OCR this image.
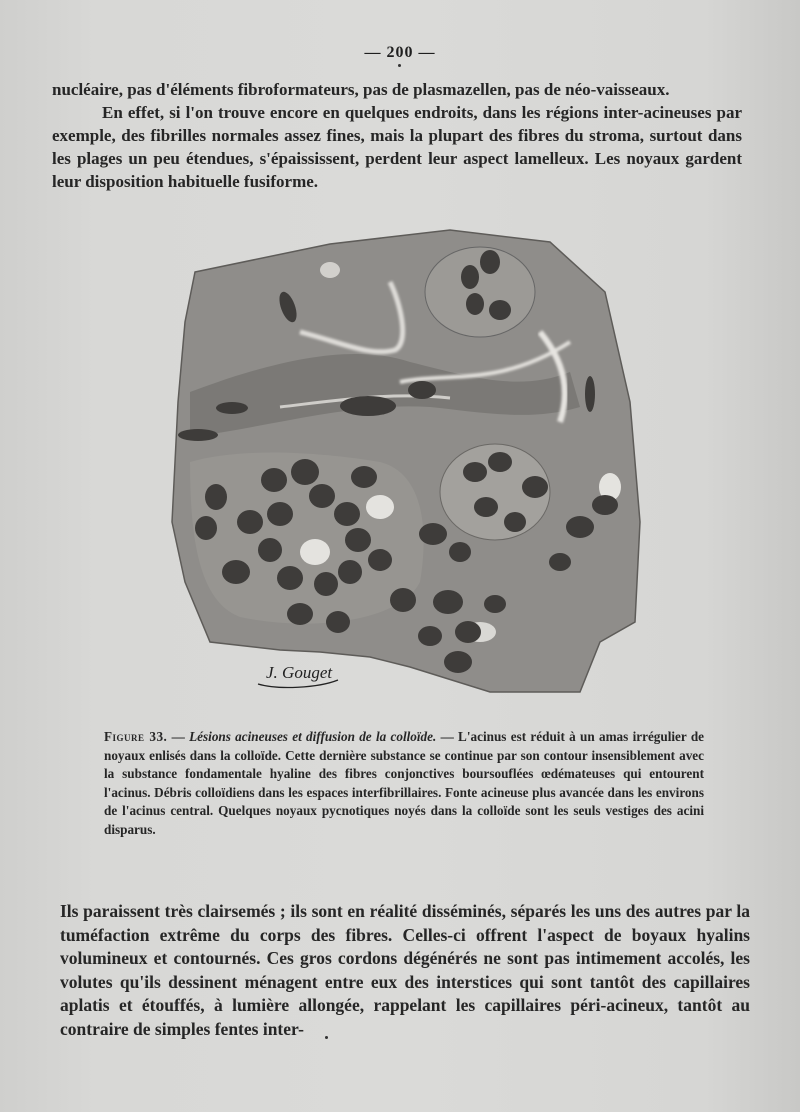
— 200 —

nucléaire, pas d'éléments fibroformateurs, pas de plasmazellen, pas de néo-vaisseaux.
En effet, si l'on trouve encore en quelques endroits, dans les régions inter-acineuses par exemple, des fibrilles normales assez fines, mais la plupart des fibres du stroma, surtout dans les plages un peu étendues, s'épaississent, perdent leur aspect lamelleux. Les noyaux gardent leur disposition habituelle fusiforme.

J. Gouget
Figure 33. — Lésions acineuses et diffusion de la colloïde. — L'acinus est réduit à un amas irrégulier de noyaux enlisés dans la colloïde. Cette dernière substance se continue par son contour insensiblement avec la substance fondamentale hyaline des fibres conjonctives boursouflées œdémateuses qui entourent l'acinus. Débris colloïdiens dans les espaces interfibrillaires. Fonte acineuse plus avancée dans les environs de l'acinus central. Quelques noyaux pycnotiques noyés dans la colloïde sont les seuls vestiges des acini disparus.

Ils paraissent très clairsemés ; ils sont en réalité disséminés, séparés les uns des autres par la tuméfaction extrême du corps des fibres. Celles-ci offrent l'aspect de boyaux hyalins volumineux et contournés. Ces gros cordons dégénérés ne sont pas intimement accolés, les volutes qu'ils dessinent ménagent entre eux des interstices qui sont tantôt des capillaires aplatis et étouffés, à lumière allongée, rappelant les capillaires péri-acineux, tantôt au contraire de simples fentes inter-
